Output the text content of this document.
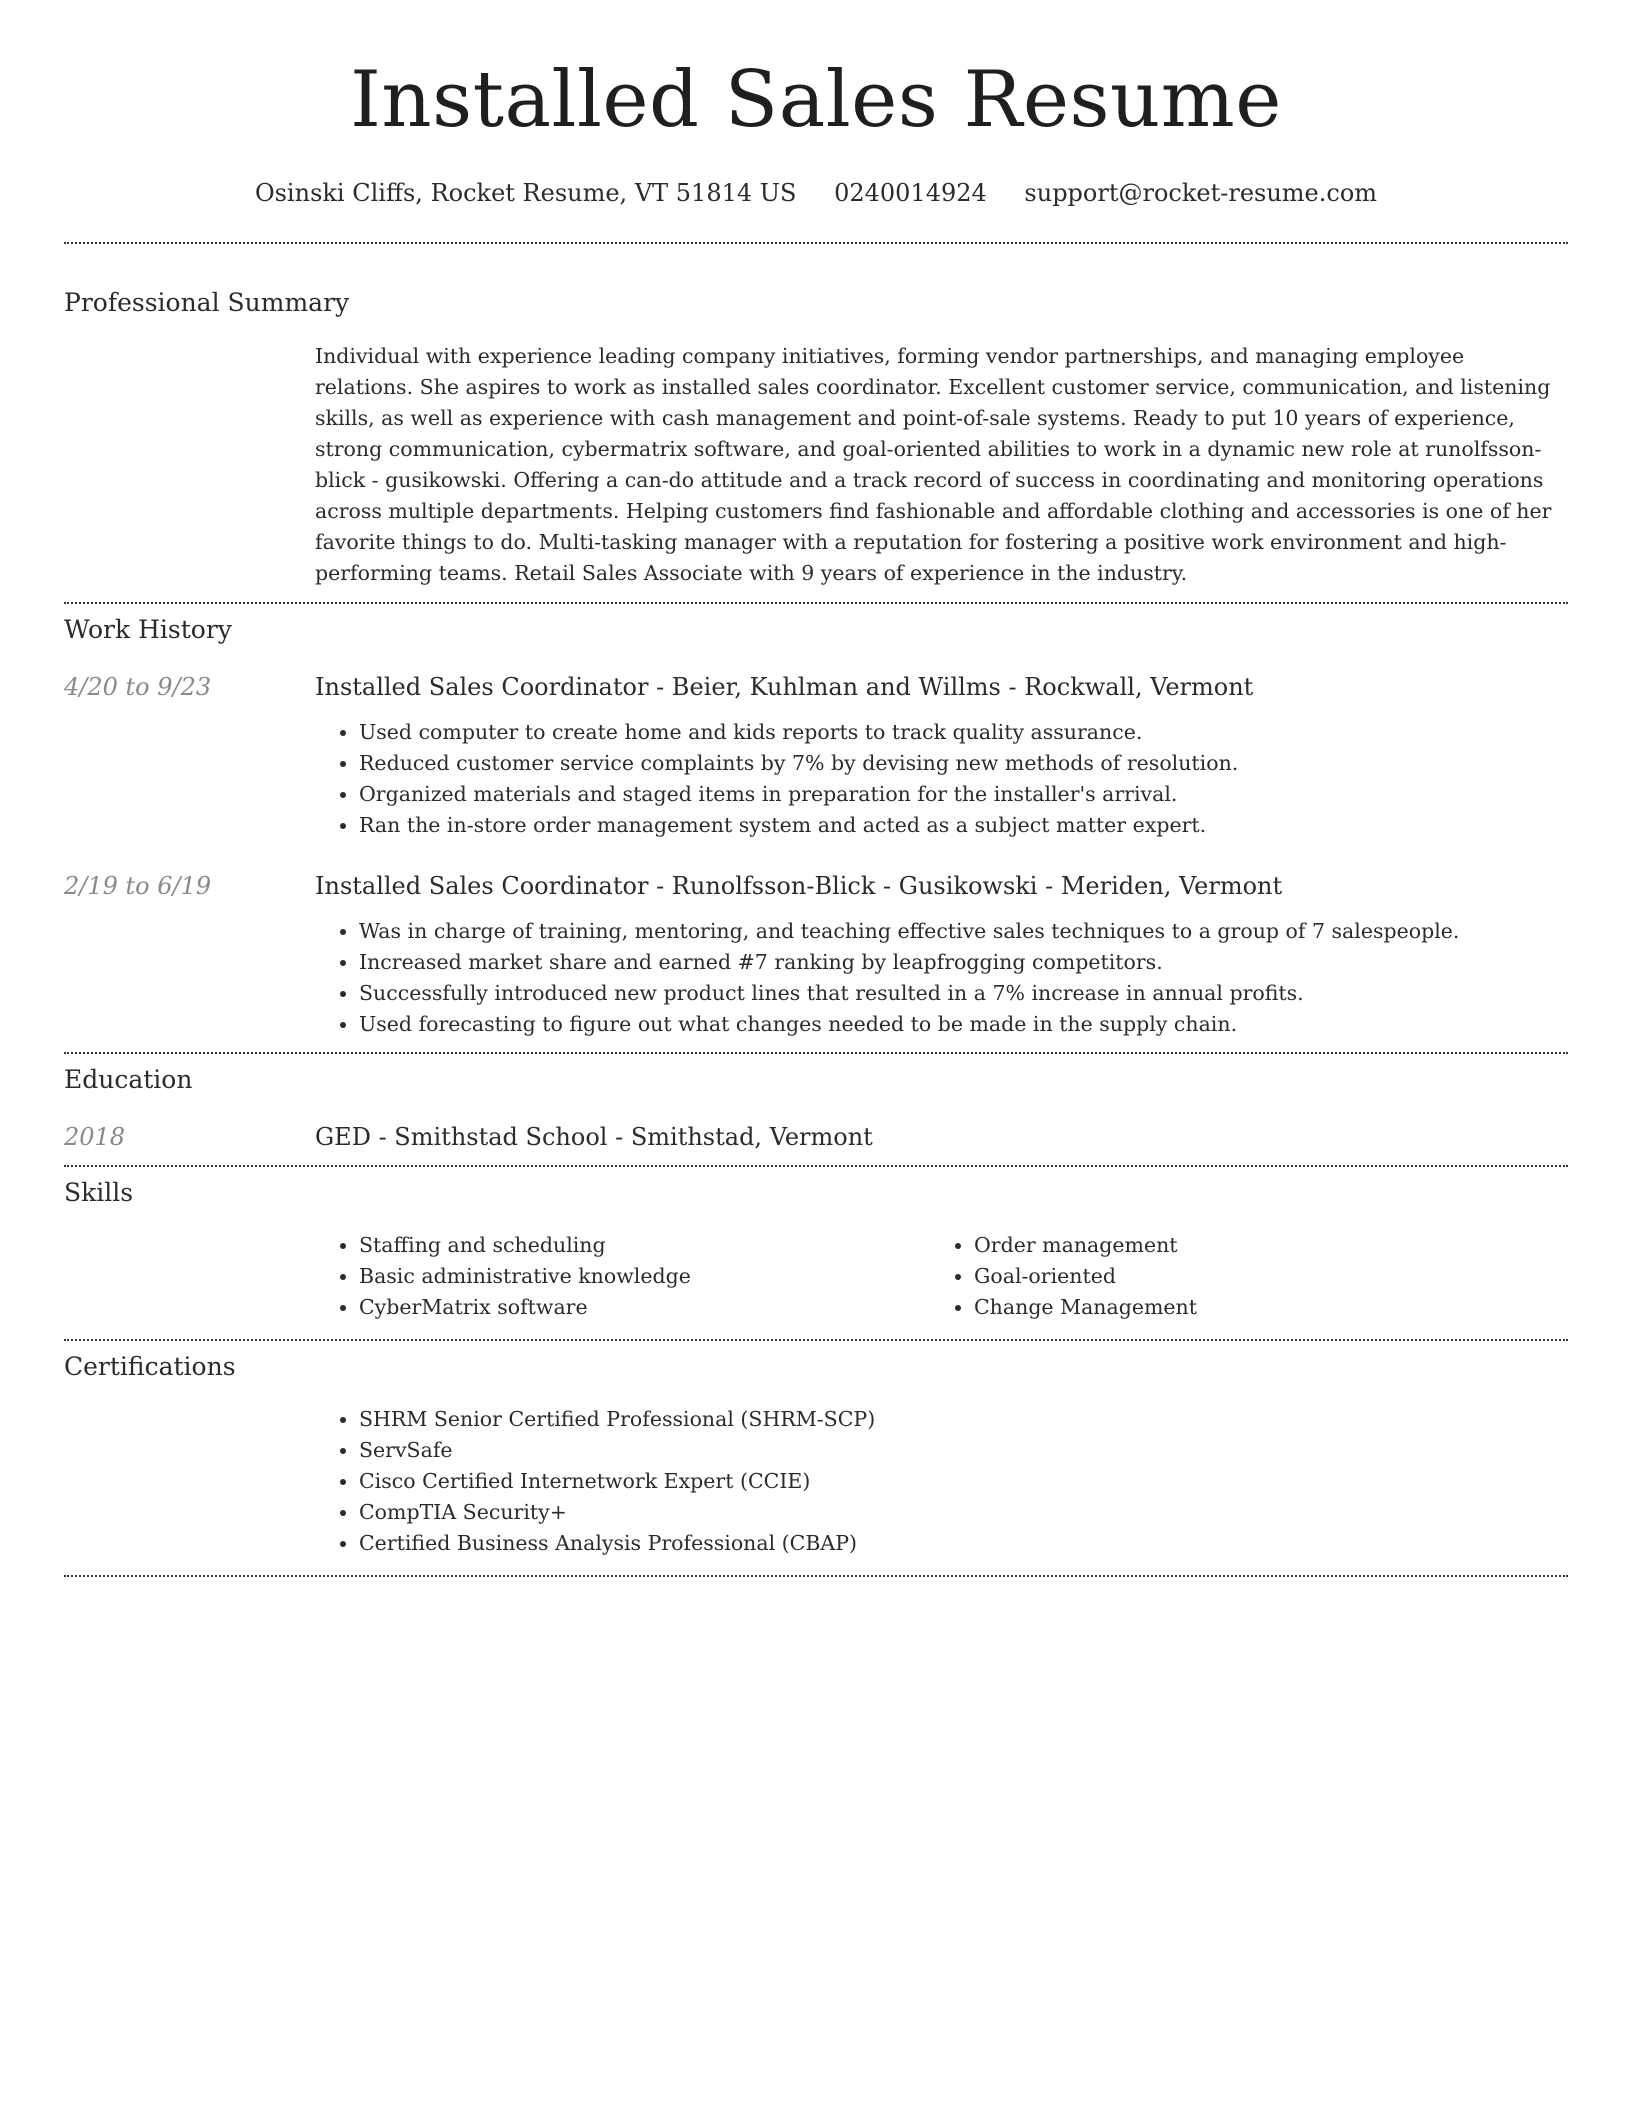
Installed Sales Resume
Osinski Cliffs, Rocket Resume, VT 51814 US 0240014924 support@rocket-resume.com
Professional Summary

Individual with experience leading company initiatives, forming vendor partnerships, and managing employee relations. She aspires to work as installed sales coordinator. Excellent customer service, communication, and listening skills, as well as experience with cash management and point-of-sale systems. Ready to put 10 years of experience, strong communication, cybermatrix software, and goal-oriented abilities to work in a dynamic new role at runolfsson-blick - gusikowski. Offering a can-do attitude and a track record of success in coordinating and monitoring operations across multiple departments. Helping customers find fashionable and affordable clothing and accessories is one of her favorite things to do. Multi-tasking manager with a reputation for fostering a positive work environment and high-performing teams. Retail Sales Associate with 9 years of experience in the industry.

Work History
4/20 to 9/23	Installed Sales Coordinator - Beier, Kuhlman and Willms - Rockwall, Vermont

• Used computer to create home and kids reports to track quality assurance.
• Reduced customer service complaints by 7% by devising new methods of resolution.
• Organized materials and staged items in preparation for the installer's arrival.
• Ran the in-store order management system and acted as a subject matter expert.
2/19 to 6/19	Installed Sales Coordinator - Runolfsson-Blick - Gusikowski - Meriden, Vermont

• Was in charge of training, mentoring, and teaching effective sales techniques to a group of 7 salespeople.
• Increased market share and earned #7 ranking by leapfrogging competitors.
• Successfully introduced new product lines that resulted in a 7% increase in annual profits.
• Used forecasting to figure out what changes needed to be made in the supply chain.
Education
2018	GED - Smithstad School - Smithstad, Vermont

Skills
• Staffing and scheduling
• Basic administrative knowledge
• CyberMatrix software
• Order management
• Goal-oriented
• Change Management
Certifications
• SHRM Senior Certified Professional (SHRM-SCP)
• ServSafe
• Cisco Certified Internetwork Expert (CCIE)
• CompTIA Security+
• Certified Business Analysis Professional (CBAP)
